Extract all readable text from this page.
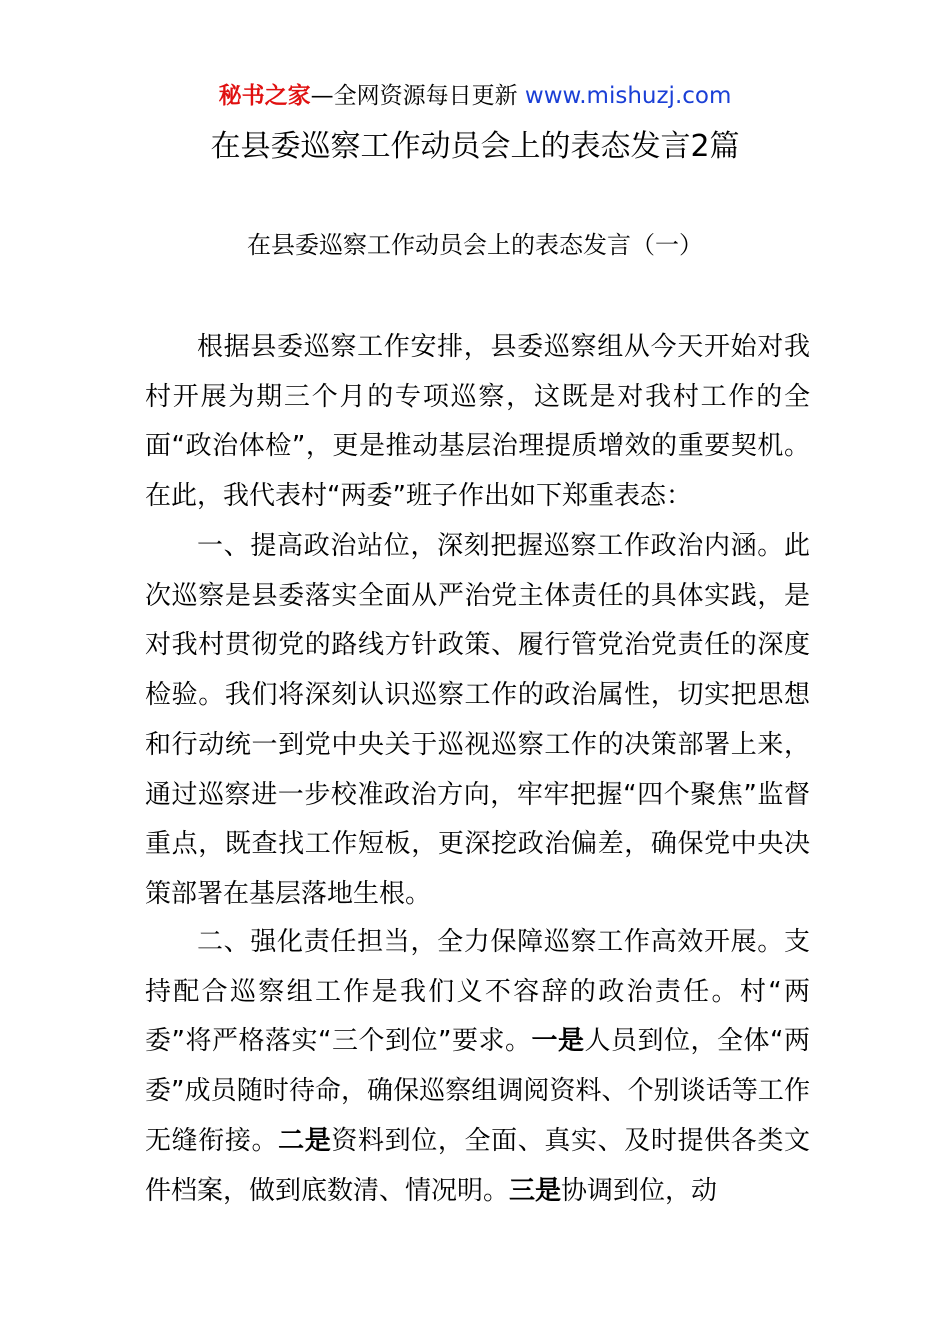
秘书之家—全网资源每日更新 www.mishuzj.com
在县委巡察工作动员会上的表态发言2篇
在县委巡察工作动员会上的表态发言（一）

根据县委巡察工作安排，县委巡察组从今天开始对我村开展为期三个月的专项巡察，这既是对我村工作的全面“政治体检”，更是推动基层治理提质增效的重要契机。在此，我代表村“两委”班子作出如下郑重表态：

一、提高政治站位，深刻把握巡察工作政治内涵。此次巡察是县委落实全面从严治党主体责任的具体实践，是对我村贯彻党的路线方针政策、履行管党治党责任的深度检验。我们将深刻认识巡察工作的政治属性，切实把思想和行动统一到党中央关于巡视巡察工作的决策部署上来，通过巡察进一步校准政治方向，牢牢把握“四个聚焦”监督重点，既查找工作短板，更深挖政治偏差，确保党中央决策部署在基层落地生根。

二、强化责任担当，全力保障巡察工作高效开展。支持配合巡察组工作是我们义不容辞的政治责任。村“两委”将严格落实“三个到位”要求。一是人员到位，全体“两委”成员随时待命，确保巡察组调阅资料、个别谈话等工作无缝衔接。二是资料到位，全面、真实、及时提供各类文件档案，做到底数清、情况明。三是协调到位，动
